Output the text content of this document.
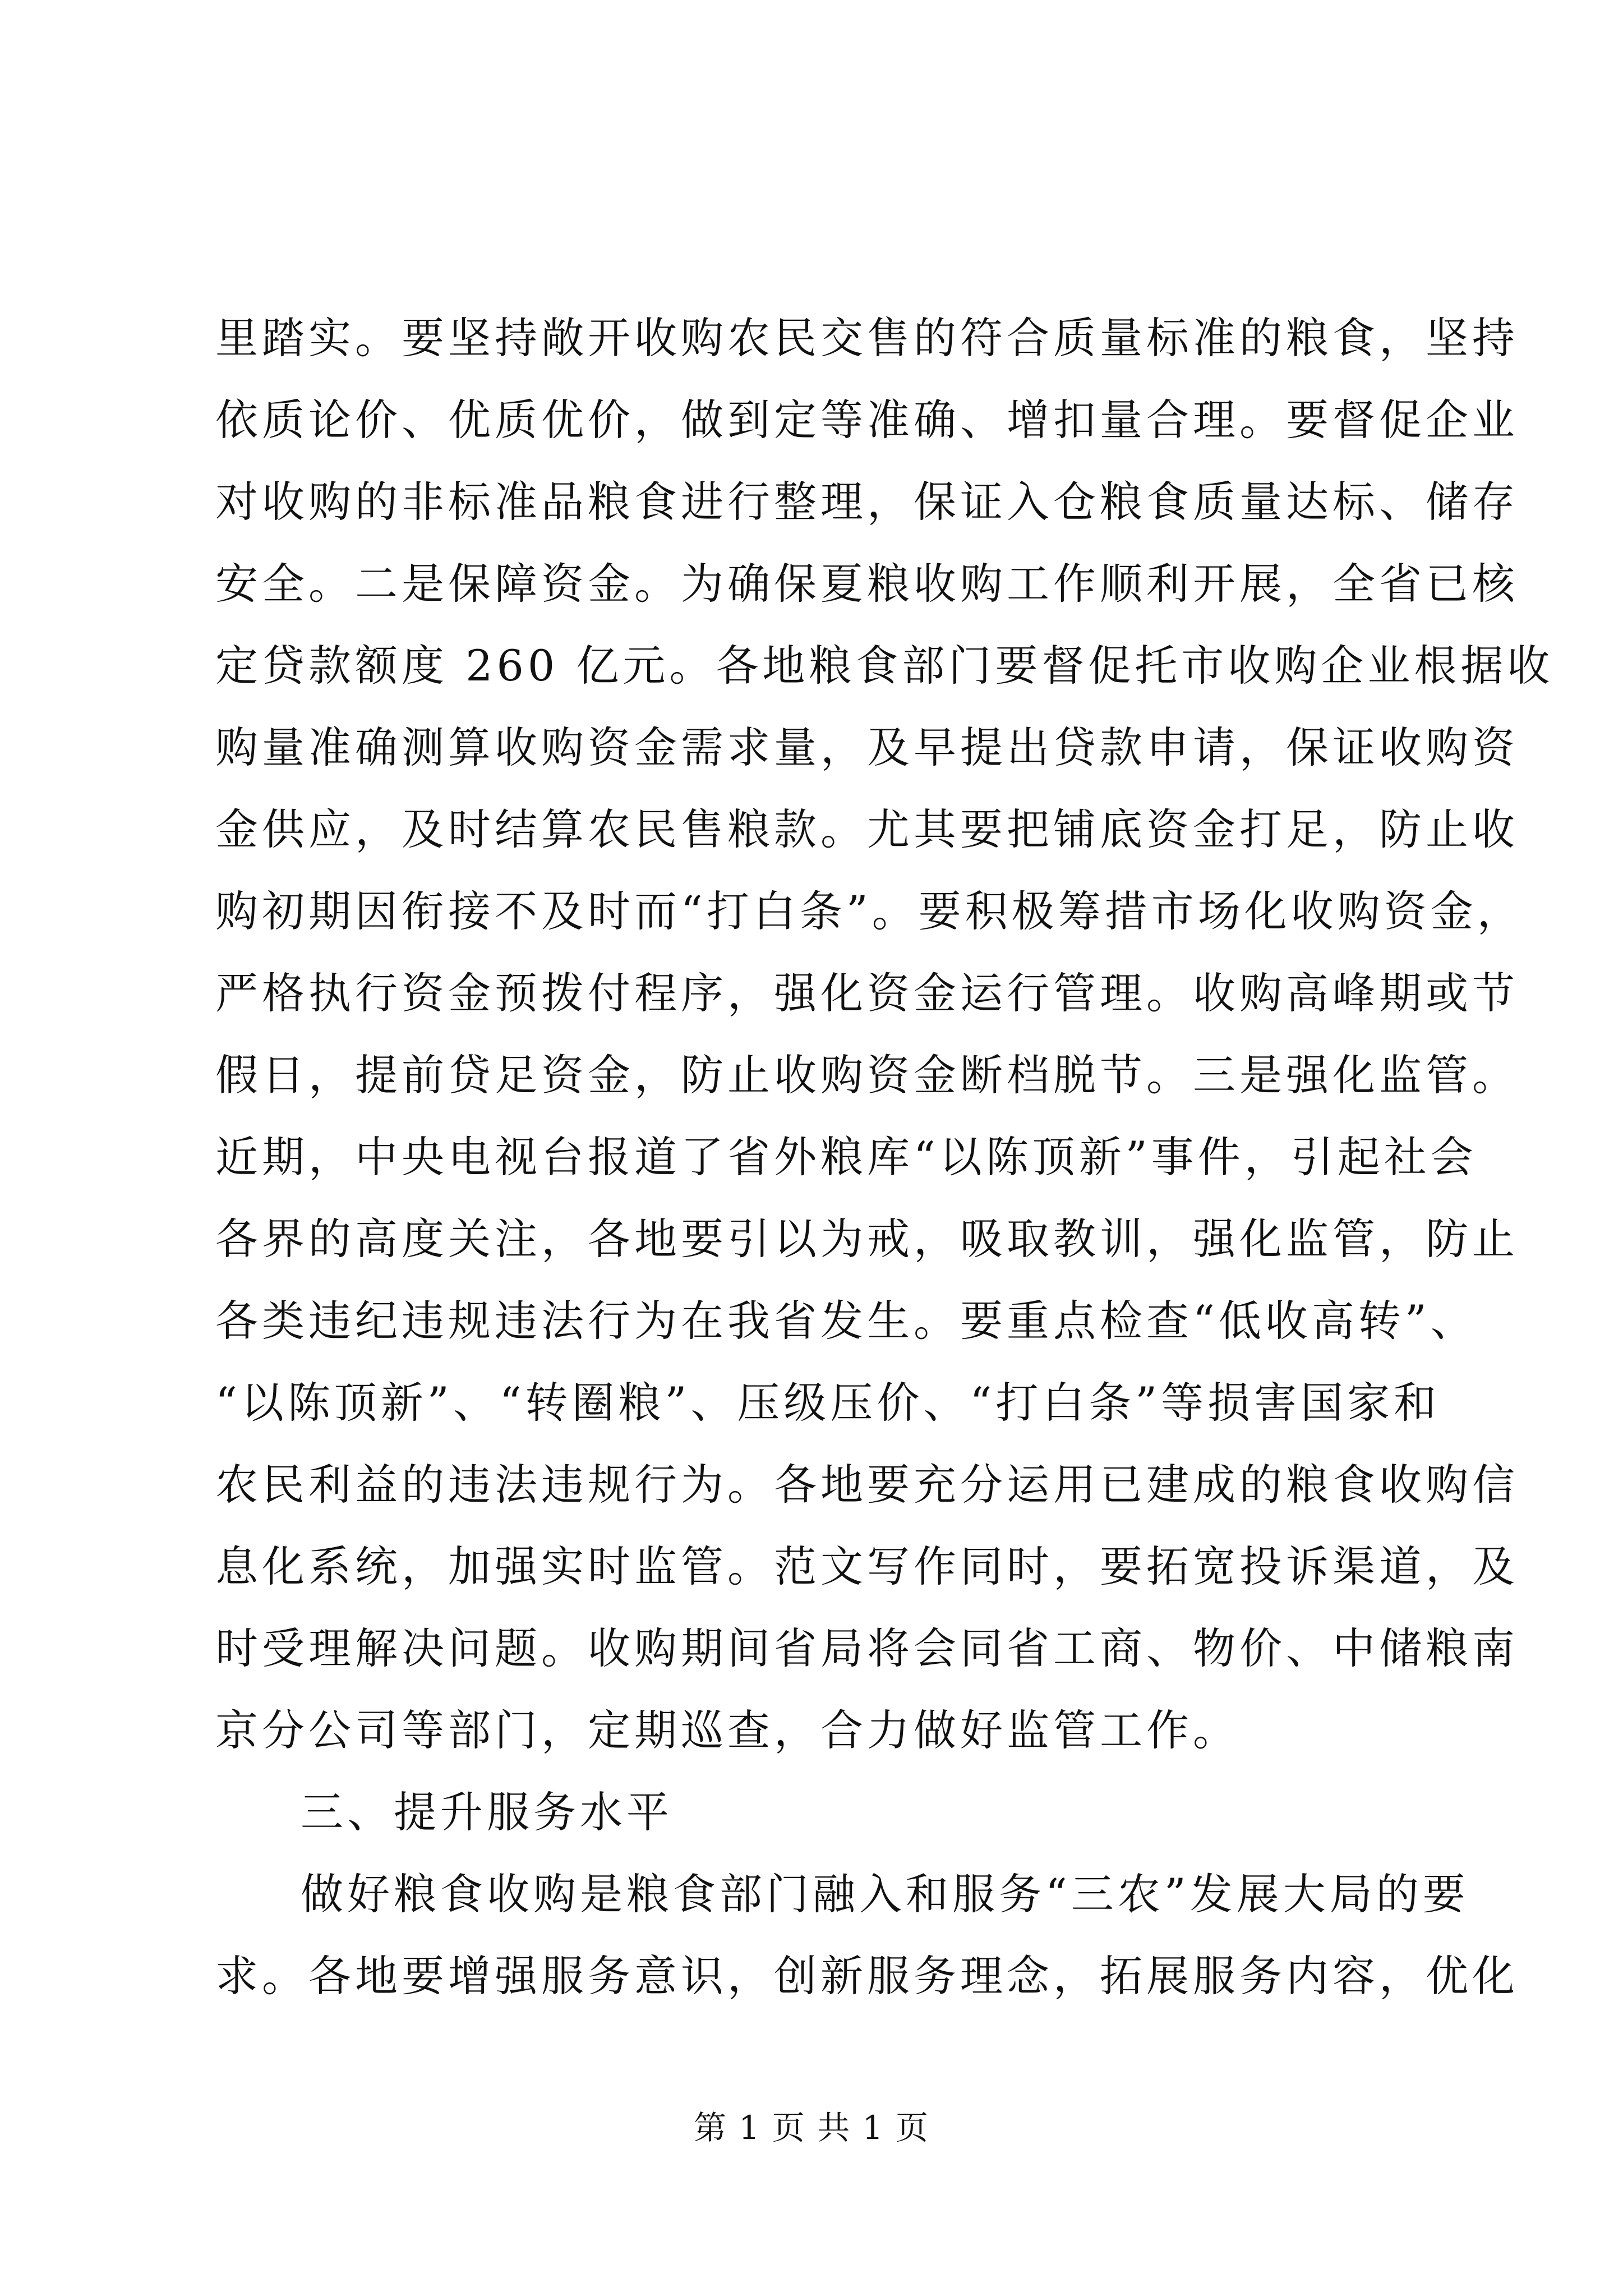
里踏实。要坚持敞开收购农民交售的符合质量标准的粮食，坚持
依质论价、优质优价，做到定等准确、增扣量合理。要督促企业
对收购的非标准品粮食进行整理，保证入仓粮食质量达标、储存
安全。二是保障资金。为确保夏粮收购工作顺利开展，全省已核
定贷款额度 260 亿元。各地粮食部门要督促托市收购企业根据收
购量准确测算收购资金需求量，及早提出贷款申请，保证收购资
金供应，及时结算农民售粮款。尤其要把铺底资金打足，防止收
购初期因衔接不及时而“打白条”。要积极筹措市场化收购资金，
严格执行资金预拨付程序，强化资金运行管理。收购高峰期或节
假日，提前贷足资金，防止收购资金断档脱节。三是强化监管。
近期，中央电视台报道了省外粮库“以陈顶新”事件，引起社会
各界的高度关注，各地要引以为戒，吸取教训，强化监管，防止
各类违纪违规违法行为在我省发生。要重点检查“低收高转”、
“以陈顶新”、“转圈粮”、压级压价、“打白条”等损害国家和
农民利益的违法违规行为。各地要充分运用已建成的粮食收购信
息化系统，加强实时监管。范文写作同时，要拓宽投诉渠道，及
时受理解决问题。收购期间省局将会同省工商、物价、中储粮南
京分公司等部门，定期巡查，合力做好监管工作。
三、提升服务水平
做好粮食收购是粮食部门融入和服务“三农”发展大局的要
求。各地要增强服务意识，创新服务理念，拓展服务内容，优化
第 1 页 共 1 页
